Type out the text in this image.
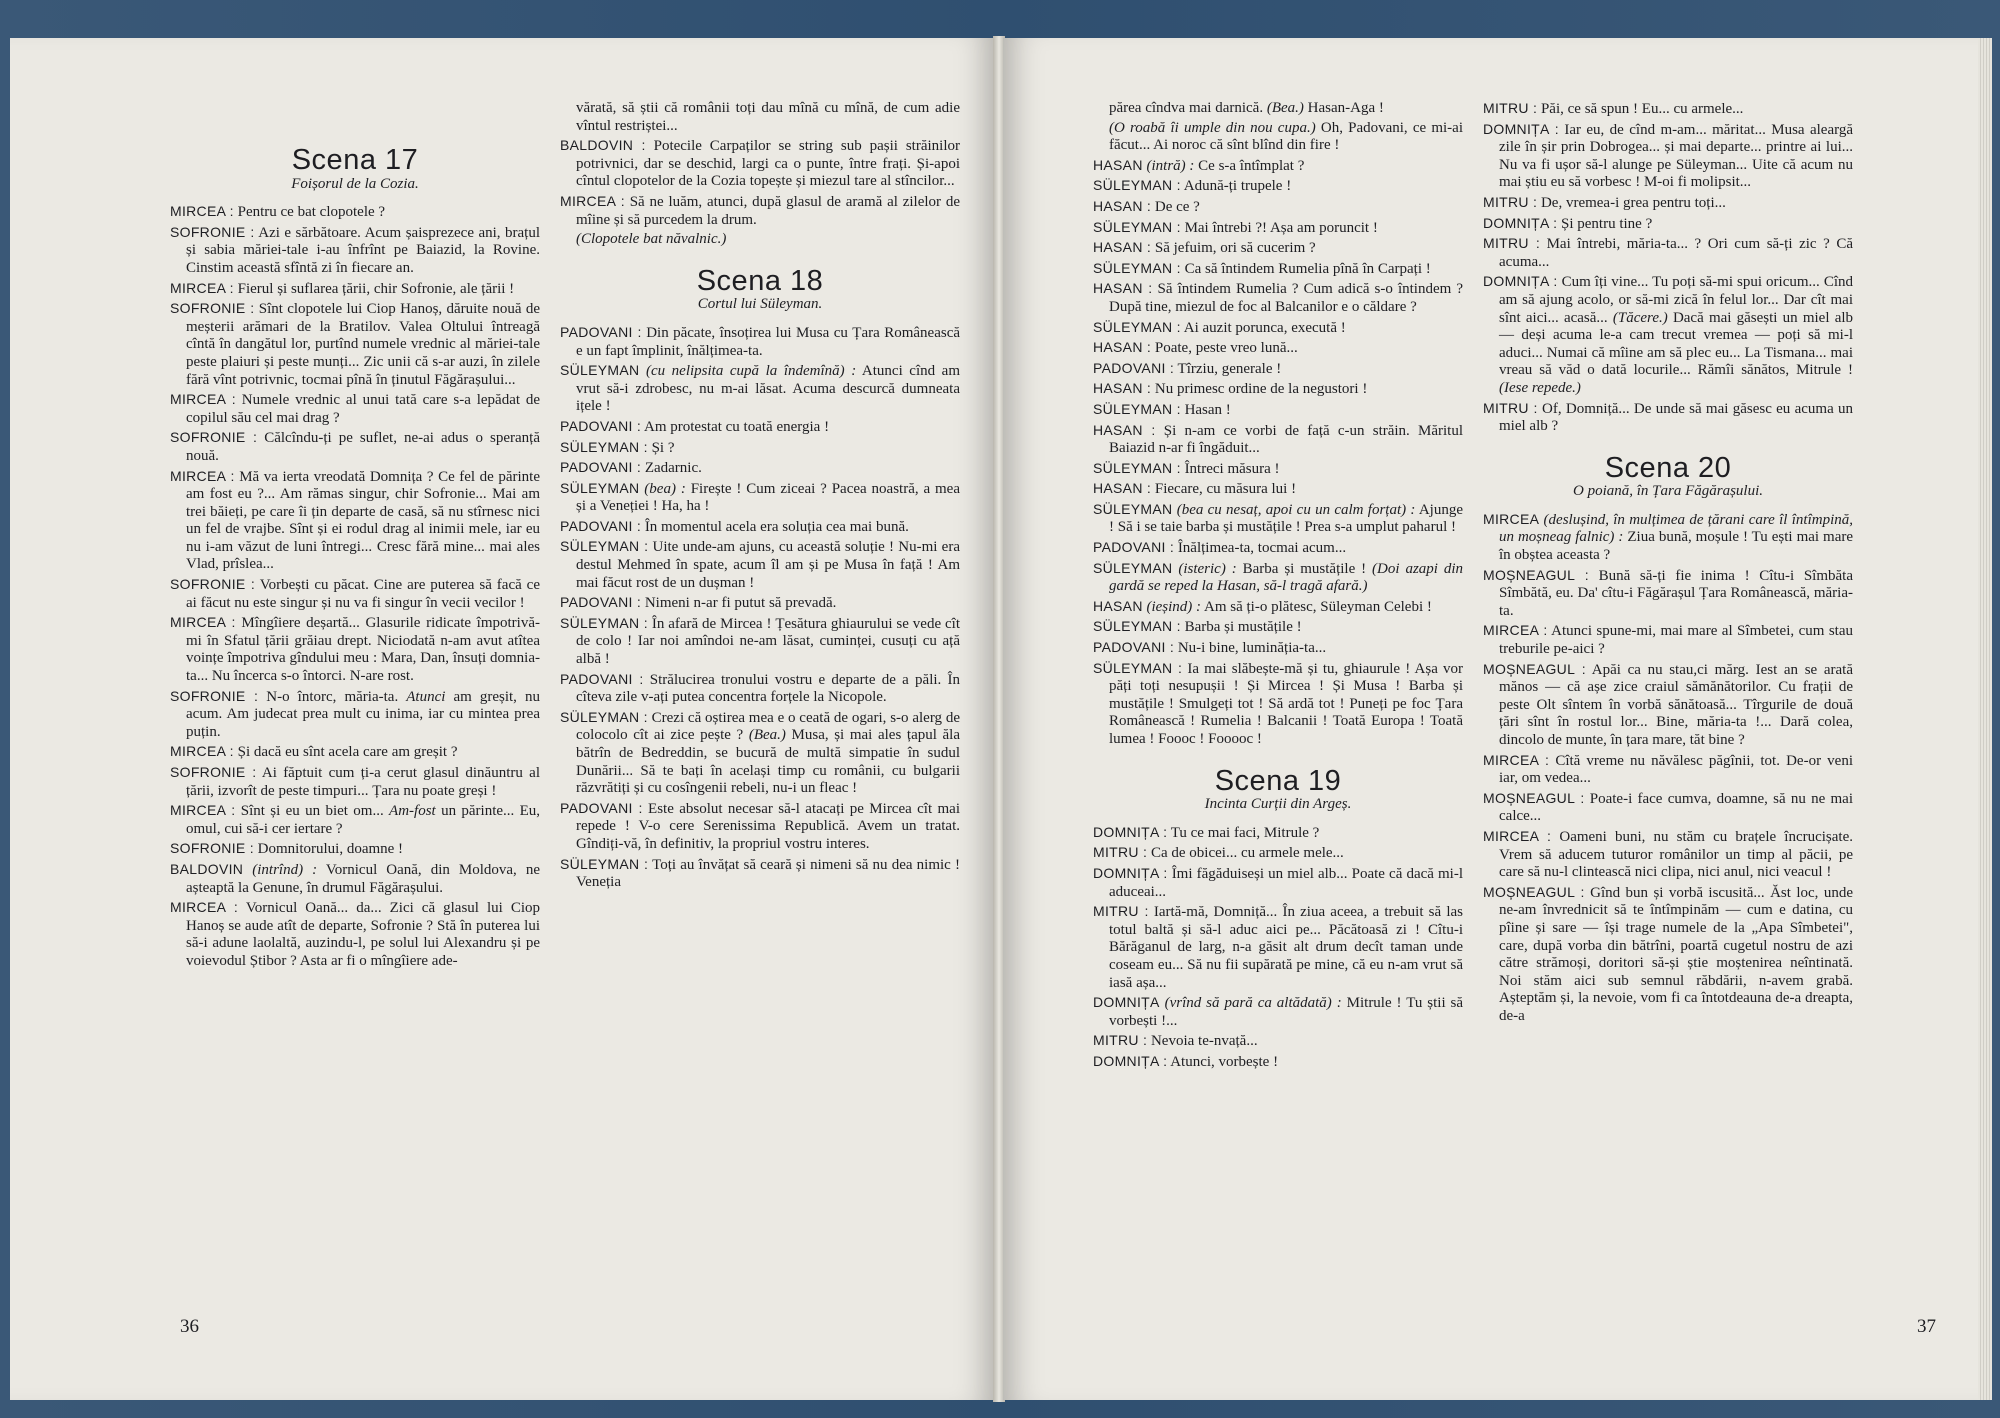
Scena 17
Foișorul de la Cozia.
MIRCEA : Pentru ce bat clopotele ?
SOFRONIE : Azi e sărbătoare. Acum șaisprezece ani, brațul și sabia măriei-tale i-au înfrînt pe Baiazid, la Rovine. Cinstim această sfîntă zi în fiecare an.
MIRCEA : Fierul și suflarea țării, chir Sofronie, ale țării !
SOFRONIE : Sînt clopotele lui Ciop Hanoș, dăruite nouă de meșterii arămari de la Bratilov. Valea Oltului întreagă cîntă în dangătul lor, purtînd numele vrednic al măriei-tale peste plaiuri și peste munți... Zic unii că s-ar auzi, în zilele fără vînt potrivnic, tocmai pînă în ținutul Făgărașului...
MIRCEA : Numele vrednic al unui tată care s-a lepădat de copilul său cel mai drag ?
SOFRONIE : Călcîndu-ți pe suflet, ne-ai adus o speranță nouă.
MIRCEA : Mă va ierta vreodată Domnița ? Ce fel de părinte am fost eu ?... Am rămas singur, chir Sofronie... Mai am trei băieți, pe care îi țin departe de casă, să nu stîrnesc nici un fel de vrajbe. Sînt și ei rodul drag al inimii mele, iar eu nu i-am văzut de luni întregi... Cresc fără mine... mai ales Vlad, prîslea...
SOFRONIE : Vorbești cu păcat. Cine are puterea să facă ce ai făcut nu este singur și nu va fi singur în vecii vecilor !
MIRCEA : Mîngîiere deșartă... Glasurile ridicate împotrivă-mi în Sfatul țării grăiau drept. Niciodată n-am avut atîtea voințe împotriva gîndului meu : Mara, Dan, însuți domnia-ta... Nu încerca s-o întorci. N-are rost.
SOFRONIE : N-o întorc, măria-ta. Atunci am greșit, nu acum. Am judecat prea mult cu inima, iar cu mintea prea puțin.
MIRCEA : Și dacă eu sînt acela care am greșit ?
SOFRONIE : Ai făptuit cum ți-a cerut glasul dinăuntru al țării, izvorît de peste timpuri... Țara nu poate greși !
MIRCEA : Sînt și eu un biet om... Am-fost un părinte... Eu, omul, cui să-i cer iertare ?
SOFRONIE : Domnitorului, doamne !
BALDOVIN (intrînd) : Vornicul Oană, din Moldova, ne așteaptă la Genune, în drumul Făgărașului.
MIRCEA : Vornicul Oană... da... Zici că glasul lui Ciop Hanoș se aude atît de departe, Sofronie ? Stă în puterea lui să-i adune laolaltă, auzindu-l, pe solul lui Alexandru și pe voievodul Știbor ? Asta ar fi o mîngîiere ade-
vărată, să știi că românii toți dau mînă cu mînă, de cum adie vîntul restriștei...
BALDOVIN : Potecile Carpaților se string sub pașii străinilor potrivnici, dar se deschid, largi ca o punte, între frați. Și-apoi cîntul clopotelor de la Cozia topește și miezul tare al stîncilor...
MIRCEA : Să ne luăm, atunci, după glasul de aramă al zilelor de mîine și să purcedem la drum.
(Clopotele bat năvalnic.)
Scena 18
Cortul lui Süleyman.
PADOVANI : Din păcate, însoțirea lui Musa cu Țara Românească e un fapt împlinit, înălțimea-ta.
SÜLEYMAN (cu nelipsita cupă la îndemînă) : Atunci cînd am vrut să-i zdrobesc, nu m-ai lăsat. Acuma descurcă dumneata ițele !
PADOVANI : Am protestat cu toată energia !
SÜLEYMAN : Și ?
PADOVANI : Zadarnic.
SÜLEYMAN (bea) : Firește ! Cum ziceai ? Pacea noastră, a mea și a Veneției ! Ha, ha !
PADOVANI : În momentul acela era soluția cea mai bună.
SÜLEYMAN : Uite unde-am ajuns, cu această soluție ! Nu-mi era destul Mehmed în spate, acum îl am și pe Musa în față ! Am mai făcut rost de un dușman !
PADOVANI : Nimeni n-ar fi putut să prevadă.
SÜLEYMAN : În afară de Mircea ! Țesătura ghiaurului se vede cît de colo ! Iar noi amîndoi ne-am lăsat, cuminței, cusuți cu ață albă !
PADOVANI : Strălucirea tronului vostru e departe de a păli. În cîteva zile v-ați putea concentra forțele la Nicopole.
SÜLEYMAN : Crezi că oștirea mea e o ceată de ogari, s-o alerg de colocolo cît ai zice pește ? (Bea.) Musa, și mai ales țapul ăla bătrîn de Bedreddin, se bucură de multă simpatie în sudul Dunării... Să te bați în același timp cu românii, cu bulgarii răzvrătiți și cu cosîngenii rebeli, nu-i un fleac !
PADOVANI : Este absolut necesar să-l atacați pe Mircea cît mai repede ! V-o cere Serenissima Republică. Avem un tratat. Gîndiți-vă, în definitiv, la propriul vostru interes.
SÜLEYMAN : Toți au învățat să ceară și nimeni să nu dea nimic ! Veneția
36
părea cîndva mai darnică. (Bea.) Hasan-Aga !
(O roabă îi umple din nou cupa.) Oh, Padovani, ce mi-ai făcut... Ai noroc că sînt blînd din fire !
HASAN (intră) : Ce s-a întîmplat ?
SÜLEYMAN : Adună-ți trupele !
HASAN : De ce ?
SÜLEYMAN : Mai întrebi ?! Așa am poruncit !
HASAN : Să jefuim, ori să cucerim ?
SÜLEYMAN : Ca să întindem Rumelia pînă în Carpați !
HASAN : Să întindem Rumelia ? Cum adică s-o întindem ? După tine, miezul de foc al Balcanilor e o căldare ?
SÜLEYMAN : Ai auzit porunca, execută !
HASAN : Poate, peste vreo lună...
PADOVANI : Tîrziu, generale !
HASAN : Nu primesc ordine de la negustori !
SÜLEYMAN : Hasan !
HASAN : Și n-am ce vorbi de față c-un străin. Măritul Baiazid n-ar fi îngăduit...
SÜLEYMAN : Întreci măsura !
HASAN : Fiecare, cu măsura lui !
SÜLEYMAN (bea cu nesaț, apoi cu un calm forțat) : Ajunge ! Să i se taie barba și mustățile ! Prea s-a umplut paharul !
PADOVANI : Înălțimea-ta, tocmai acum...
SÜLEYMAN (isteric) : Barba și mustățile ! (Doi azapi din gardă se reped la Hasan, să-l tragă afară.)
HASAN (ieșind) : Am să ți-o plătesc, Süleyman Celebi !
SÜLEYMAN : Barba și mustățile !
PADOVANI : Nu-i bine, luminăția-ta...
SÜLEYMAN : Ia mai slăbește-mă și tu, ghiaurule ! Așa vor păți toți nesupușii ! Și Mircea ! Și Musa ! Barba și mustățile ! Smulgeți tot ! Să ardă tot ! Puneți pe foc Țara Românească ! Rumelia ! Balcanii ! Toată Europa ! Toată lumea ! Foooc ! Fooooc !
Scena 19
Incinta Curții din Argeș.
DOMNIȚA : Tu ce mai faci, Mitrule ?
MITRU : Ca de obicei... cu armele mele...
DOMNIȚA : Îmi făgăduiseși un miel alb... Poate că dacă mi-l aduceai...
MITRU : Iartă-mă, Domniță... În ziua aceea, a trebuit să las totul baltă și să-l aduc aici pe... Păcătoasă zi ! Cîtu-i Bărăganul de larg, n-a găsit alt drum decît taman unde coseam eu... Să nu fii supărată pe mine, că eu n-am vrut să iasă așa...
DOMNIȚA (vrînd să pară ca altădată) : Mitrule ! Tu știi să vorbești !...
MITRU : Nevoia te-nvață...
DOMNIȚA : Atunci, vorbește !
MITRU : Păi, ce să spun ! Eu... cu armele...
DOMNIȚA : Iar eu, de cînd m-am... măritat... Musa aleargă zile în șir prin Dobrogea... și mai departe... printre ai lui... Nu va fi ușor să-l alunge pe Süleyman... Uite că acum nu mai știu eu să vorbesc ! M-oi fi molipsit...
MITRU : De, vremea-i grea pentru toți...
DOMNIȚA : Și pentru tine ?
MITRU : Mai întrebi, măria-ta... ? Ori cum să-ți zic ? Că acuma...
DOMNIȚA : Cum îți vine... Tu poți să-mi spui oricum... Cînd am să ajung acolo, or să-mi zică în felul lor... Dar cît mai sînt aici... acasă... (Tăcere.) Dacă mai găsești un miel alb — deși acuma le-a cam trecut vremea — poți să mi-l aduci... Numai că mîine am să plec eu... La Tismana... mai vreau să văd o dată locurile... Rămîi sănătos, Mitrule ! (Iese repede.)
MITRU : Of, Domniță... De unde să mai găsesc eu acuma un miel alb ?
Scena 20
O poiană, în Țara Făgărașului.
MIRCEA (deslușind, în mulțimea de țărani care îl întîmpină, un moșneag falnic) : Ziua bună, moșule ! Tu ești mai mare în obștea aceasta ?
MOȘNEAGUL : Bună să-ți fie inima ! Cîtu-i Sîmbăta Sîmbătă, eu. Da' cîtu-i Făgărașul Țara Românească, măria-ta.
MIRCEA : Atunci spune-mi, mai mare al Sîmbetei, cum stau treburile pe-aici ?
MOȘNEAGUL : Apăi ca nu stau,ci mărg. Iest an se arată mănos — că așe zice craiul sămănătorilor. Cu frații de peste Olt sîntem în vorbă sănătoasă... Tîrgurile de două țări sînt în rostul lor... Bine, măria-ta !... Dară colea, dincolo de munte, în țara mare, tăt bine ?
MIRCEA : Cîtă vreme nu năvălesc păgînii, tot. De-or veni iar, om vedea...
MOȘNEAGUL : Poate-i face cumva, doamne, să nu ne mai calce...
MIRCEA : Oameni buni, nu stăm cu brațele încrucișate. Vrem să aducem tuturor românilor un timp al păcii, pe care să nu-l clintească nici clipa, nici anul, nici veacul !
MOȘNEAGUL : Gînd bun și vorbă iscusită... Ăst loc, unde ne-am învrednicit să te întîmpinăm — cum e datina, cu pîine și sare — își trage numele de la „Apa Sîmbetei", care, după vorba din bătrîni, poartă cugetul nostru de azi către strămoși, doritori să-și știe moștenirea neîntinată. Noi stăm aici sub semnul răbdării, n-avem grabă. Așteptăm și, la nevoie, vom fi ca întotdeauna de-a dreapta, de-a
37
